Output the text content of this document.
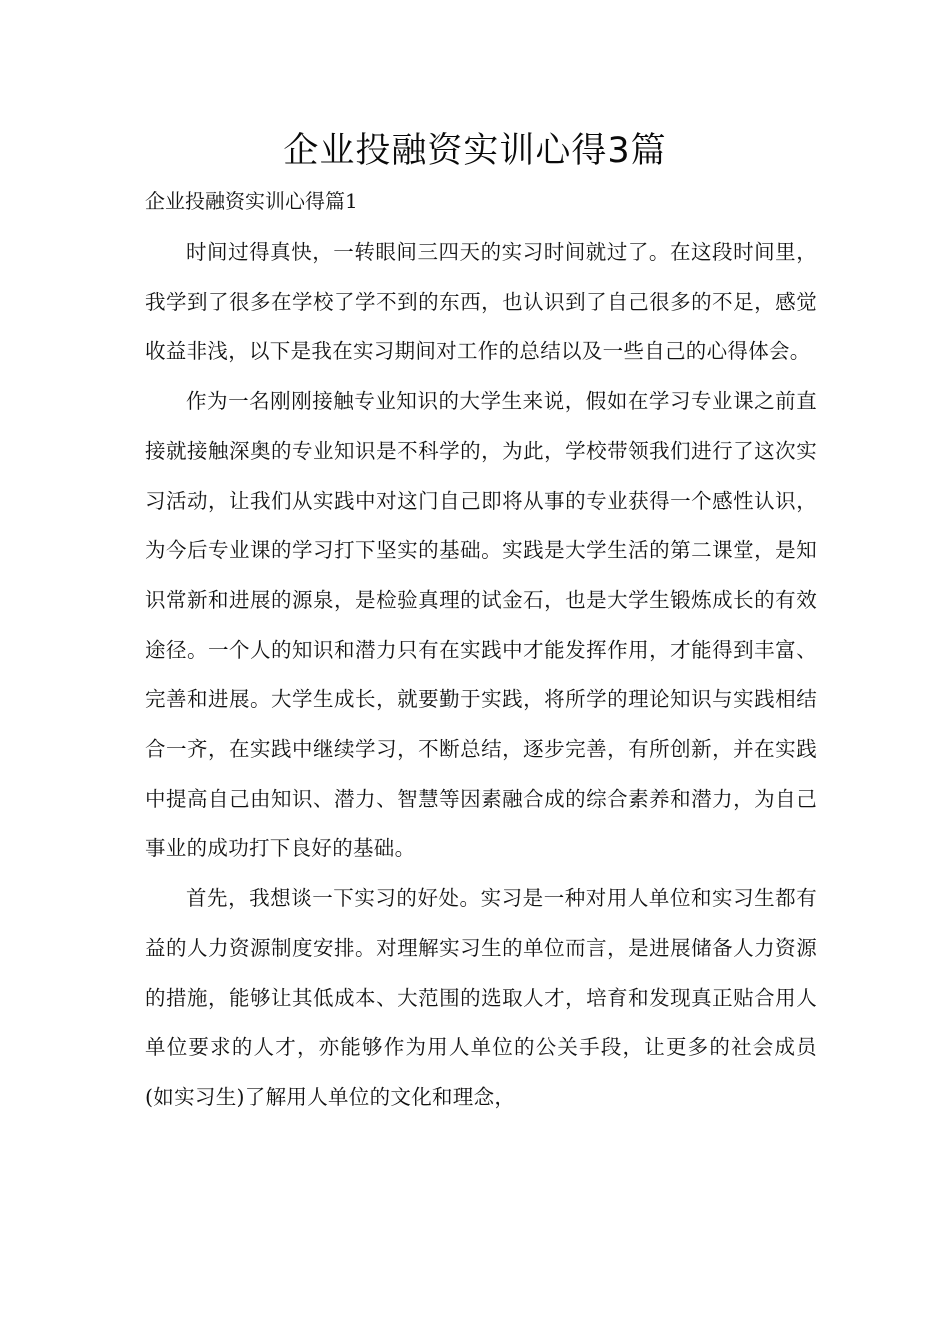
企业投融资实训心得3篇
企业投融资实训心得篇1

时间过得真快，一转眼间三四天的实习时间就过了。在这段时间里，我学到了很多在学校了学不到的东西，也认识到了自己很多的不足，感觉收益非浅，以下是我在实习期间对工作的总结以及一些自己的心得体会。

作为一名刚刚接触专业知识的大学生来说，假如在学习专业课之前直接就接触深奥的专业知识是不科学的，为此，学校带领我们进行了这次实习活动，让我们从实践中对这门自己即将从事的专业获得一个感性认识，为今后专业课的学习打下坚实的基础。实践是大学生活的第二课堂，是知识常新和进展的源泉，是检验真理的试金石，也是大学生锻炼成长的有效途径。一个人的知识和潜力只有在实践中才能发挥作用，才能得到丰富、完善和进展。大学生成长，就要勤于实践，将所学的理论知识与实践相结合一齐，在实践中继续学习，不断总结，逐步完善，有所创新，并在实践中提高自己由知识、潜力、智慧等因素融合成的综合素养和潜力，为自己事业的成功打下良好的基础。

首先，我想谈一下实习的好处。实习是一种对用人单位和实习生都有益的人力资源制度安排。对理解实习生的单位而言，是进展储备人力资源的措施，能够让其低成本、大范围的选取人才，培育和发现真正贴合用人单位要求的人才，亦能够作为用人单位的公关手段，让更多的社会成员(如实习生)了解用人单位的文化和理念，
